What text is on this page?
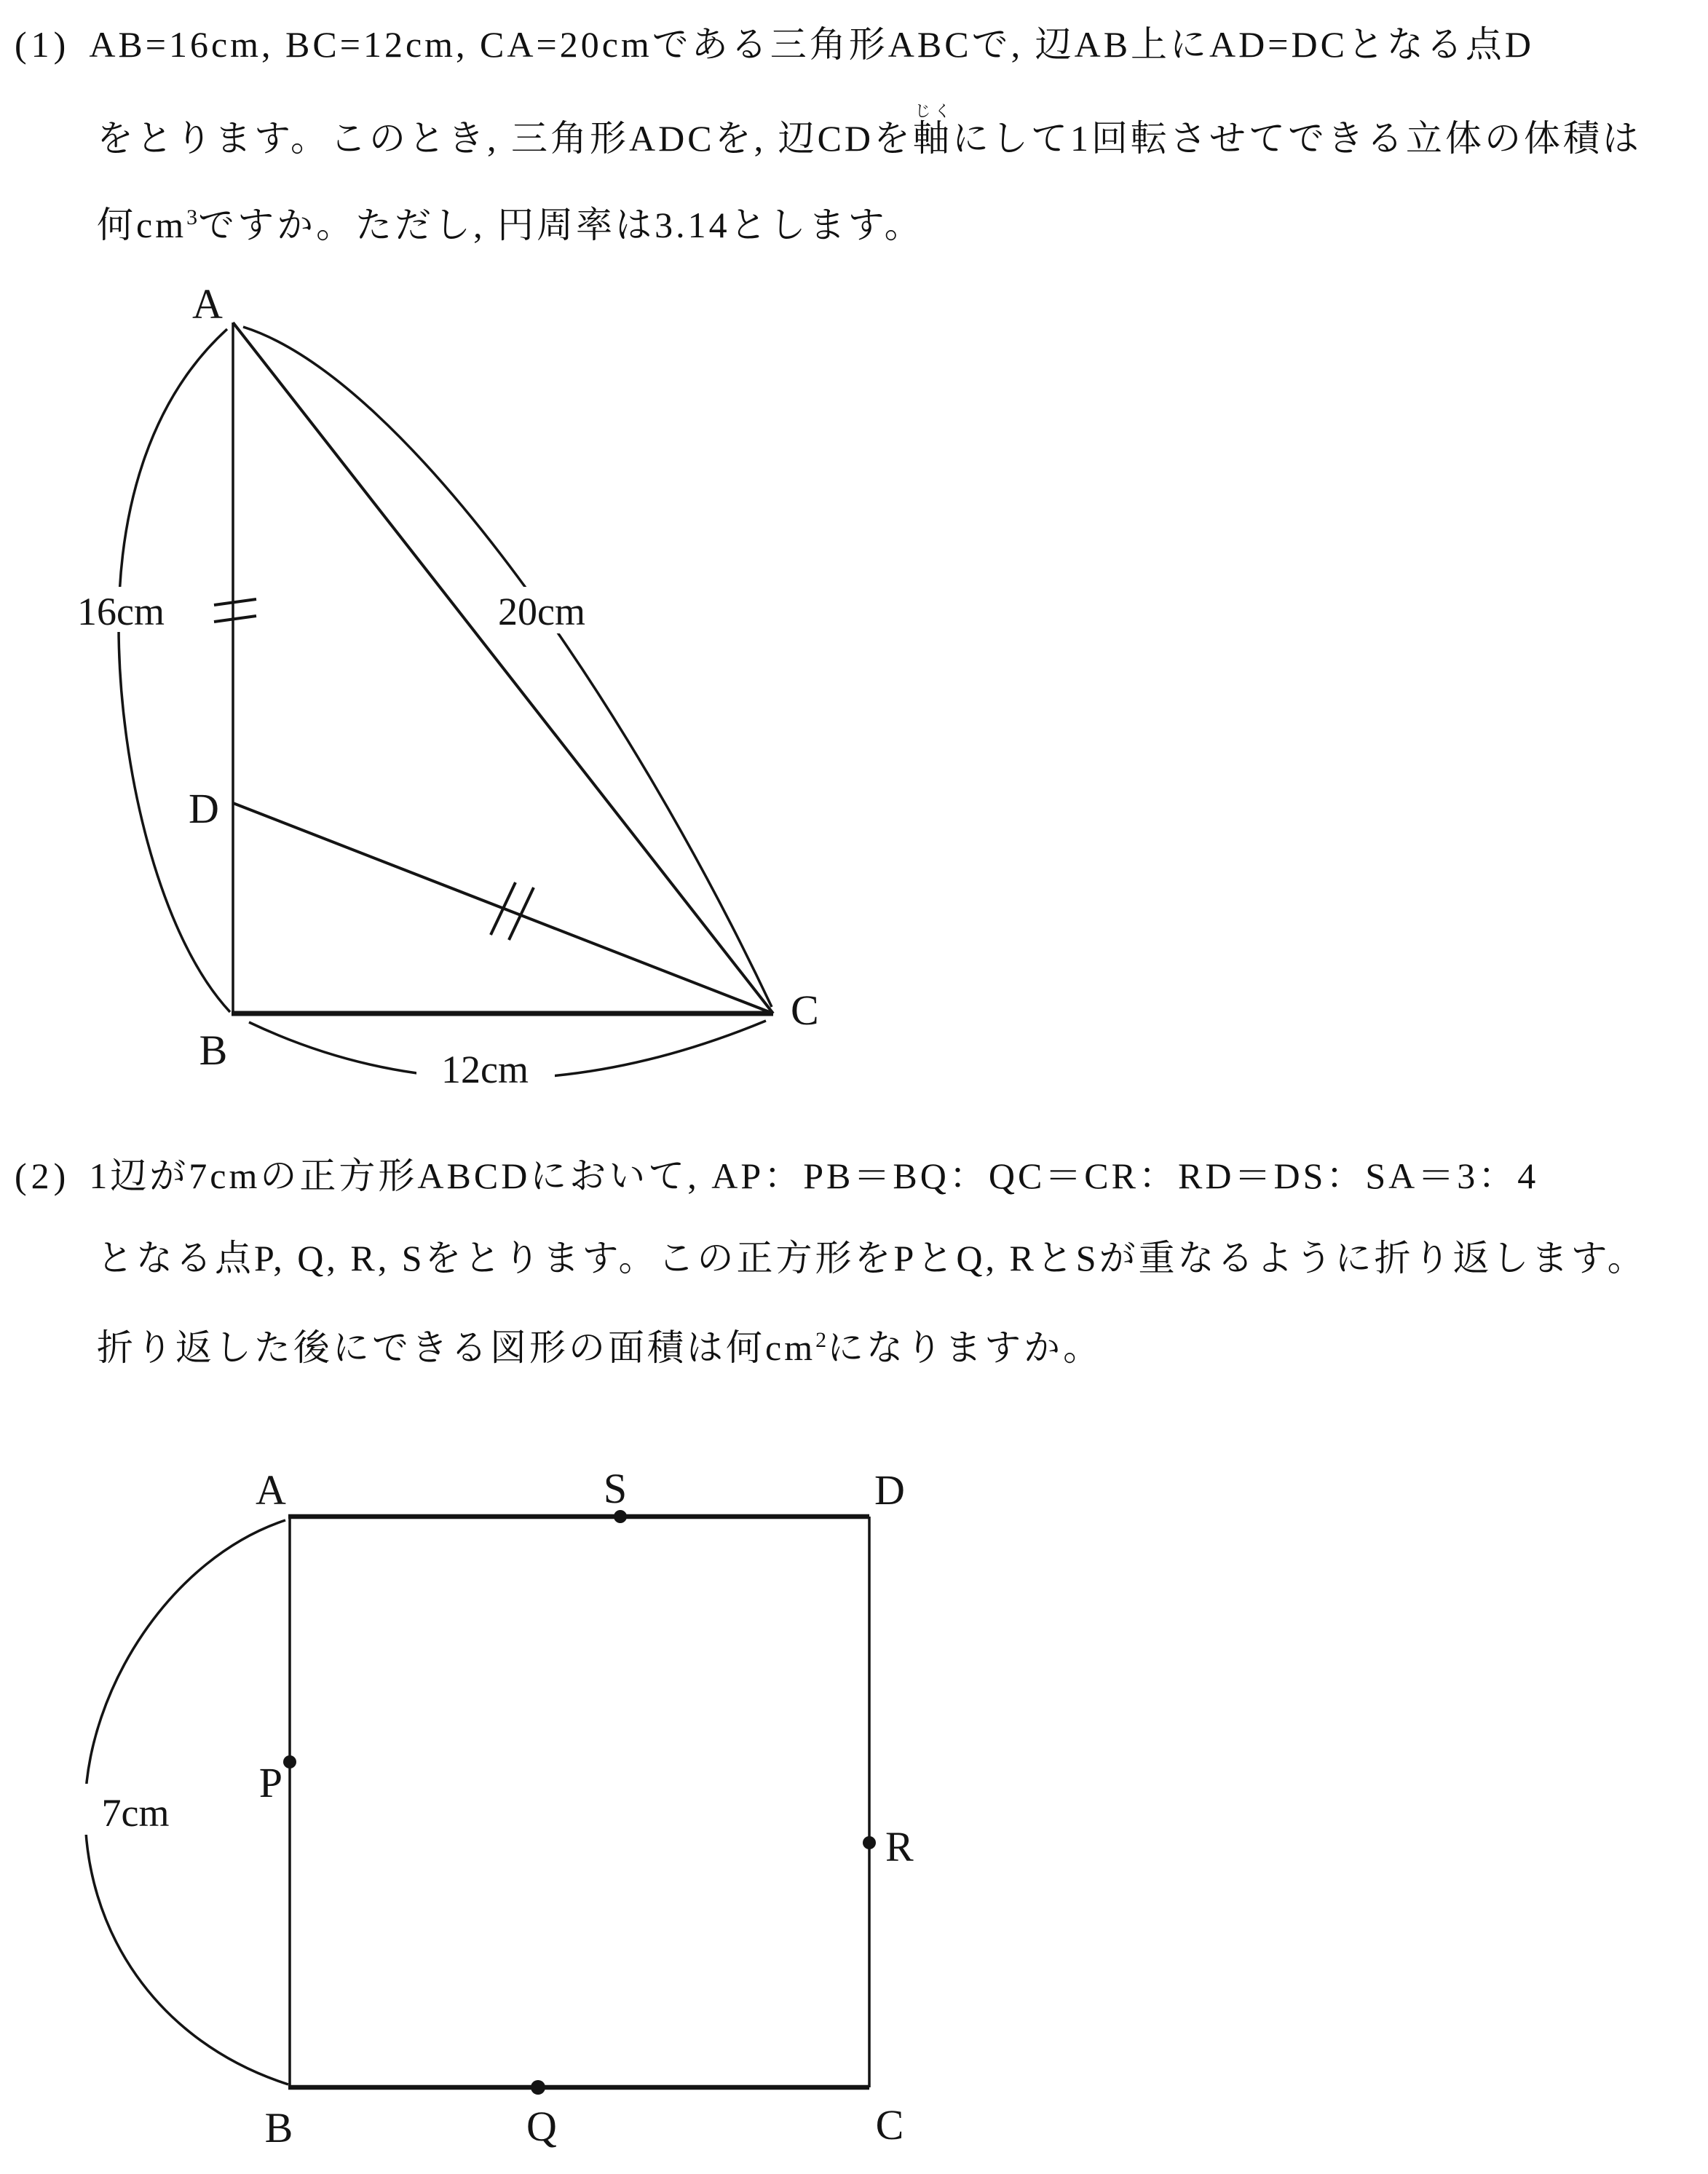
(1) AB=16cm, BC=12cm, CA=20cmである三角形ABCで, 辺AB上にAD=DCとなる点D
をとります。このとき, 三角形ADCを, 辺CDを軸じくにして1回転させてできる立体の体積は
何$cm^3$ですか。ただし, 円周率は3.14とします。
16cm	20cm
12cm
A
B
C
D
(2) 1辺が7cmの正方形ABCDにおいて, AP：PB＝BQ：QC＝CR：RD＝DS：SA＝3：4
となる点P, Q, R, Sをとります。この正方形をPとQ, RとSが重なるように折り返します。
折り返した後にできる図形の面積は何$cm^2$になりますか。
7cm
A	S	D
P
R
B	Q	C
